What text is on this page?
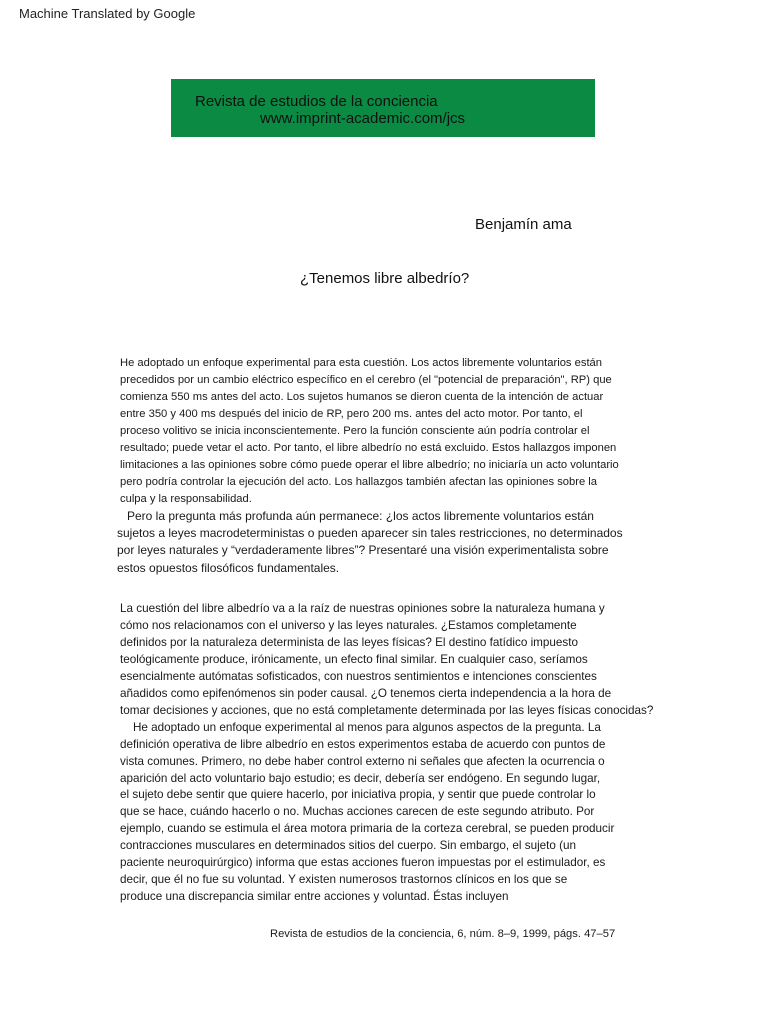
Machine Translated by Google
Revista de estudios de la conciencia
www.imprint-academic.com/jcs
Benjamín ama
¿Tenemos libre albedrío?
He adoptado un enfoque experimental para esta cuestión. Los actos libremente voluntarios están
precedidos por un cambio eléctrico específico en el cerebro (el "potencial de preparación", RP) que
comienza 550 ms antes del acto. Los sujetos humanos se dieron cuenta de la intención de actuar
entre 350 y 400 ms después del inicio de RP, pero 200 ms. antes del acto motor. Por tanto, el
proceso volitivo se inicia inconscientemente. Pero la función consciente aún podría controlar el
resultado; puede vetar el acto. Por tanto, el libre albedrío no está excluido. Estos hallazgos imponen
limitaciones a las opiniones sobre cómo puede operar el libre albedrío; no iniciaría un acto voluntario
pero podría controlar la ejecución del acto. Los hallazgos también afectan las opiniones sobre la
culpa y la responsabilidad.
Pero la pregunta más profunda aún permanece: ¿los actos libremente voluntarios están
sujetos a leyes macrodeterministas o pueden aparecer sin tales restricciones, no determinados
por leyes naturales y “verdaderamente libres”? Presentaré una visión experimentalista sobre
estos opuestos filosóficos fundamentales.
La cuestión del libre albedrío va a la raíz de nuestras opiniones sobre la naturaleza humana y
cómo nos relacionamos con el universo y las leyes naturales. ¿Estamos completamente
definidos por la naturaleza determinista de las leyes físicas? El destino fatídico impuesto
teológicamente produce, irónicamente, un efecto final similar. En cualquier caso, seríamos
esencialmente autómatas sofisticados, con nuestros sentimientos e intenciones conscientes
añadidos como epifenómenos sin poder causal. ¿O tenemos cierta independencia a la hora de
tomar decisiones y acciones, que no está completamente determinada por las leyes físicas conocidas?
He adoptado un enfoque experimental al menos para algunos aspectos de la pregunta. La
definición operativa de libre albedrío en estos experimentos estaba de acuerdo con puntos de
vista comunes. Primero, no debe haber control externo ni señales que afecten la ocurrencia o
aparición del acto voluntario bajo estudio; es decir, debería ser endógeno. En segundo lugar,
el sujeto debe sentir que quiere hacerlo, por iniciativa propia, y sentir que puede controlar lo
que se hace, cuándo hacerlo o no. Muchas acciones carecen de este segundo atributo. Por
ejemplo, cuando se estimula el área motora primaria de la corteza cerebral, se pueden producir
contracciones musculares en determinados sitios del cuerpo. Sin embargo, el sujeto (un
paciente neuroquirúrgico) informa que estas acciones fueron impuestas por el estimulador, es
decir, que él no fue su voluntad. Y existen numerosos trastornos clínicos en los que se
produce una discrepancia similar entre acciones y voluntad. Éstas incluyen
Revista de estudios de la conciencia, 6, núm. 8–9, 1999, págs. 47–57
